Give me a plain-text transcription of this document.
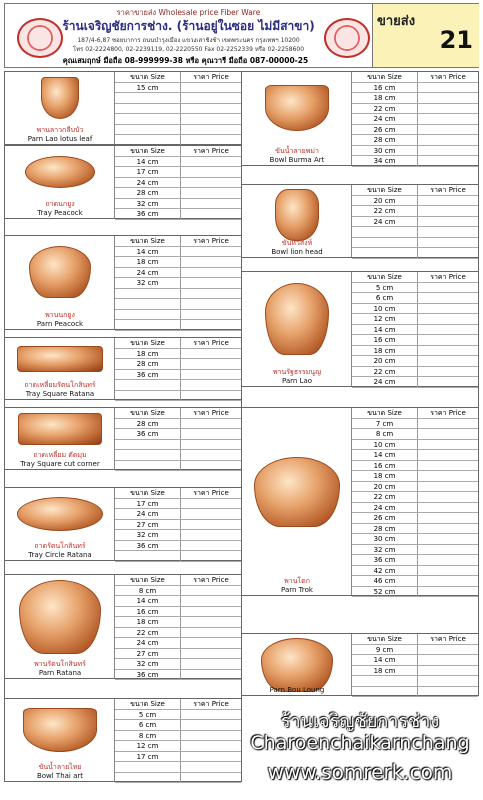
ราคาขายส่ง Wholesale price Fiber Ware
ร้านเจริญชัยการช่าง. (ร้านอยู่ในซอย ไม่มีสาขา)
187/4-6,87 ซอยบาการ ถนนบำรุงเมือง แขวงเสาชิงช้า เขตพระนคร กรุงเทพฯ 10200
โทร 02-2224800, 02-2239119, 02-2220550 Fax 02-2252339 หรือ 02-2258600
ขายส่ง
21
คุณเสมฤกษ์ มือถือ 08-999999-38 หรือ คุณวารี มือถือ 087-00000-25
พานลาวกลีบบัว
Parn Lao lotus leaf
ขนาด Size	ราคา Price
15 cm
ถาดนกยูง
Tray Peacock
ขนาด Size	ราคา Price
14 cm
17 cm
24 cm
28 cm
32 cm
36 cm
พานนกยูง
Parn Peacock
ขนาด Size	ราคา Price
14 cm
18 cm
24 cm
32 cm
ถาดเหลี่ยมรัตนโกสินทร์
Tray Square Ratana
ขนาด Size	ราคา Price
18 cm
28 cm
36 cm
ถาดเหลี่ยม ตัดมุม
Tray Square cut corner
ขนาด Size	ราคา Price
28 cm
36 cm
ถาดรัตนโกสินทร์
Tray Circle Ratana
ขนาด Size	ราคา Price
17 cm
24 cm
27 cm
32 cm
36 cm
พานรัตนโกสินทร์
Parn Ratana
ขนาด Size	ราคา Price
8 cm
14 cm
16 cm
18 cm
22 cm
24 cm
27 cm
32 cm
36 cm
ขันน้ำลายไทย
Bowl Thai art
ขนาด Size	ราคา Price
5 cm
6 cm
8 cm
12 cm
17 cm
ขันน้ำลายพม่า
Bowl Burma Art
ขนาด Size	ราคา Price
16 cm
18 cm
22 cm
24 cm
26 cm
28 cm
30 cm
34 cm
ขันหัวสิงห์
Bowl lion head
ขนาด Size	ราคา Price
20 cm
22 cm
24 cm
พานรัฐธรรมนูญ
Parn Lao
ขนาด Size	ราคา Price
5 cm
6 cm
10 cm
12 cm
14 cm
16 cm
18 cm
20 cm
22 cm
24 cm
พานโตก
Parn Trok
ขนาด Size	ราคา Price
7 cm
8 cm
10 cm
14 cm
16 cm
18 cm
20 cm
22 cm
24 cm
26 cm
28 cm
30 cm
32 cm
36 cm
42 cm
46 cm
52 cm
Parn Bou Loung
ขนาด Size	ราคา Price
9 cm
14 cm
18 cm
ร้านเจริญชัยการช่าง
Charoenchaikarnchang
www.somrerk.com
